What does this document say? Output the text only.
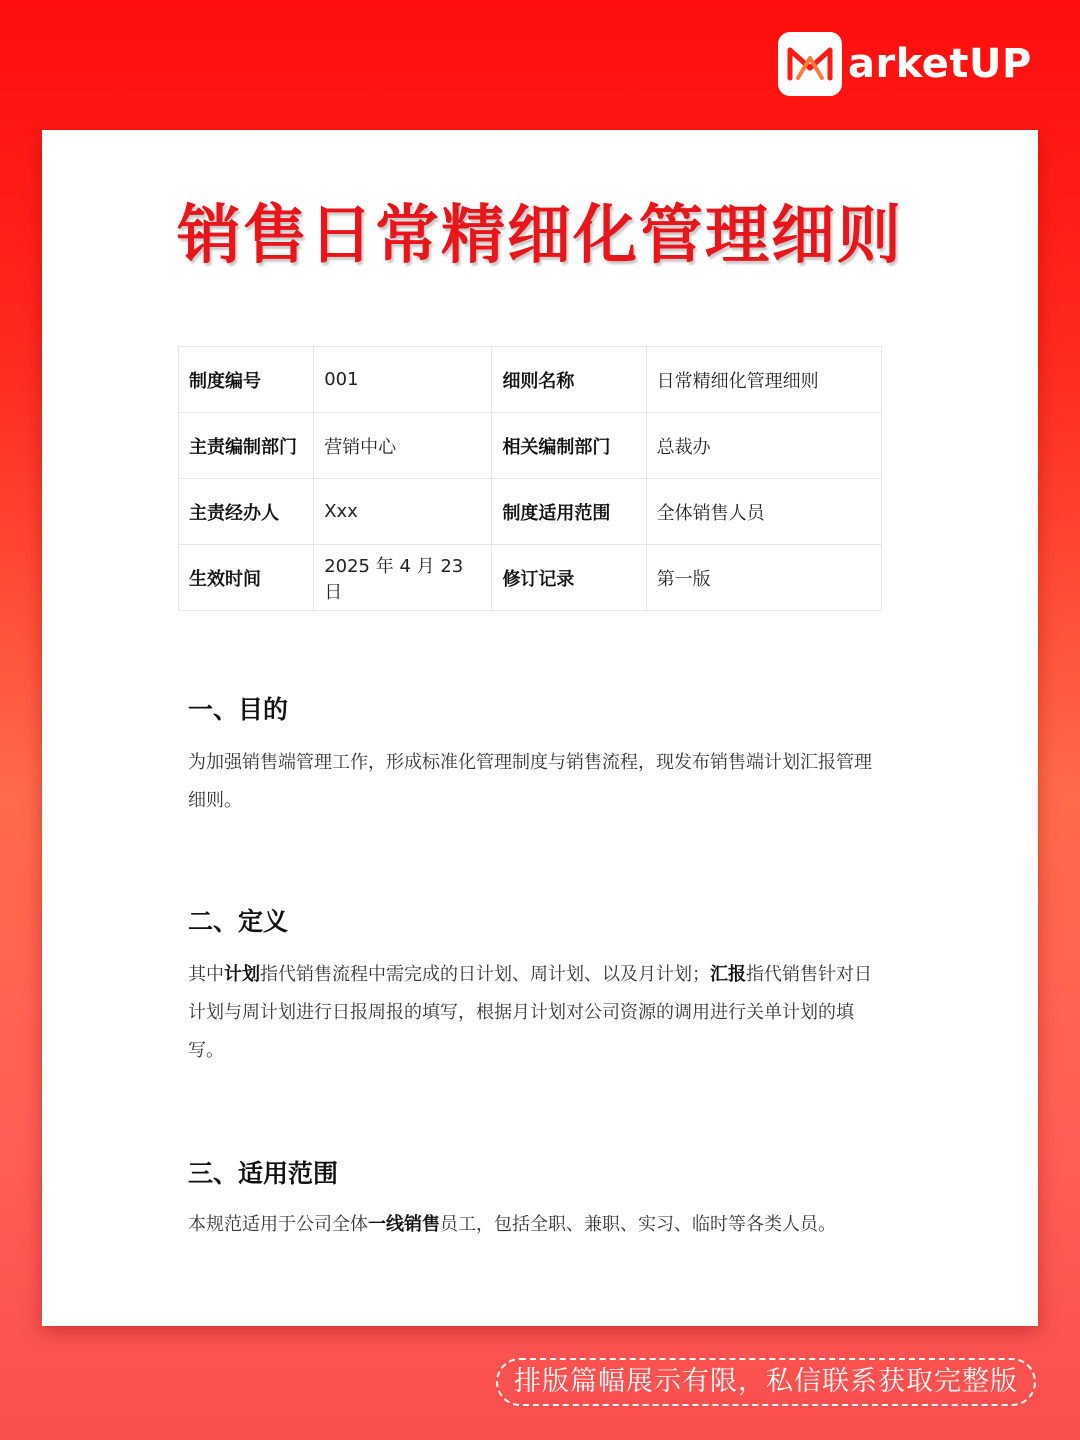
arketUP
销售日常精细化管理细则
制度编号	001	细则名称	日常精细化管理细则
主责编制部门	营销中心	相关编制部门	总裁办
主责经办人	Xxx	制度适用范围	全体销售人员
生效时间	2025 年 4 月 23 日	修订记录	第一版
一、目的
为加强销售端管理工作，形成标准化管理制度与销售流程，现发布销售端计划汇报管理细则。
二、定义
其中计划指代销售流程中需完成的日计划、周计划、以及月计划；汇报指代销售针对日计划与周计划进行日报周报的填写，根据月计划对公司资源的调用进行关单计划的填写。
三、适用范围
本规范适用于公司全体一线销售员工，包括全职、兼职、实习、临时等各类人员。
排版篇幅展示有限，私信联系获取完整版
